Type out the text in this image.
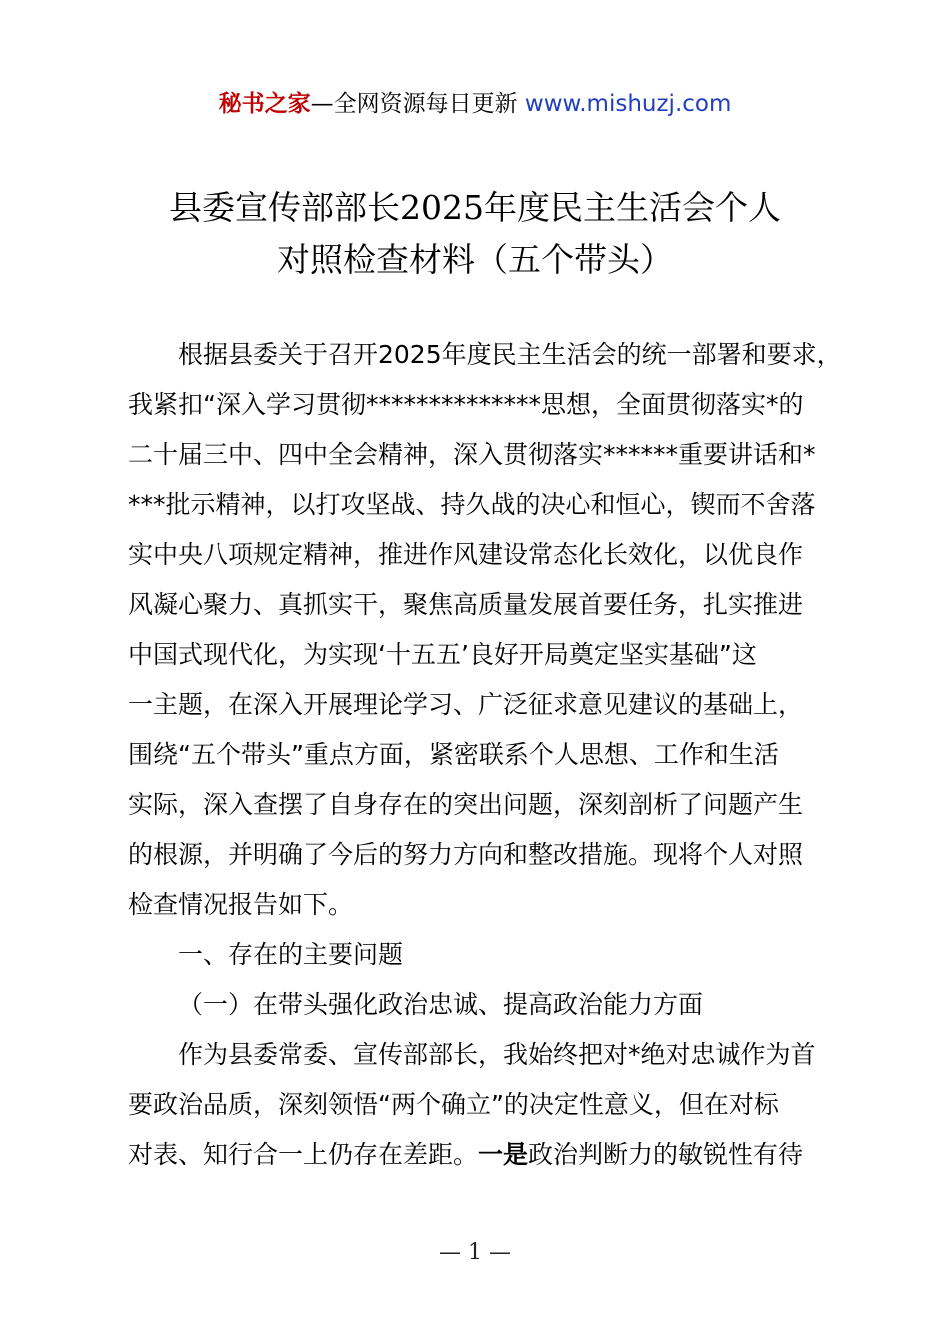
秘书之家—全网资源每日更新 www.mishuzj.com
县委宣传部部长2025年度民主生活会个人
对照检查材料（五个带头）

根据县委关于召开2025年度民主生活会的统一部署和要求，
我紧扣“深入学习贯彻**************思想，全面贯彻落实*的
二十届三中、四中全会精神，深入贯彻落实******重要讲话和*
***批示精神，以打攻坚战、持久战的决心和恒心，锲而不舍落
实中央八项规定精神，推进作风建设常态化长效化，以优良作
风凝心聚力、真抓实干，聚焦高质量发展首要任务，扎实推进
中国式现代化，为实现‘十五五’良好开局奠定坚实基础”这
一主题，在深入开展理论学习、广泛征求意见建议的基础上，
围绕“五个带头”重点方面，紧密联系个人思想、工作和生活
实际，深入查摆了自身存在的突出问题，深刻剖析了问题产生
的根源，并明确了今后的努力方向和整改措施。现将个人对照
检查情况报告如下。

一、存在的主要问题

（一）在带头强化政治忠诚、提高政治能力方面

作为县委常委、宣传部部长，我始终把对*绝对忠诚作为首
要政治品质，深刻领悟“两个确立”的决定性意义，但在对标
对表、知行合一上仍存在差距。一是政治判断力的敏锐性有待

— 1 —
